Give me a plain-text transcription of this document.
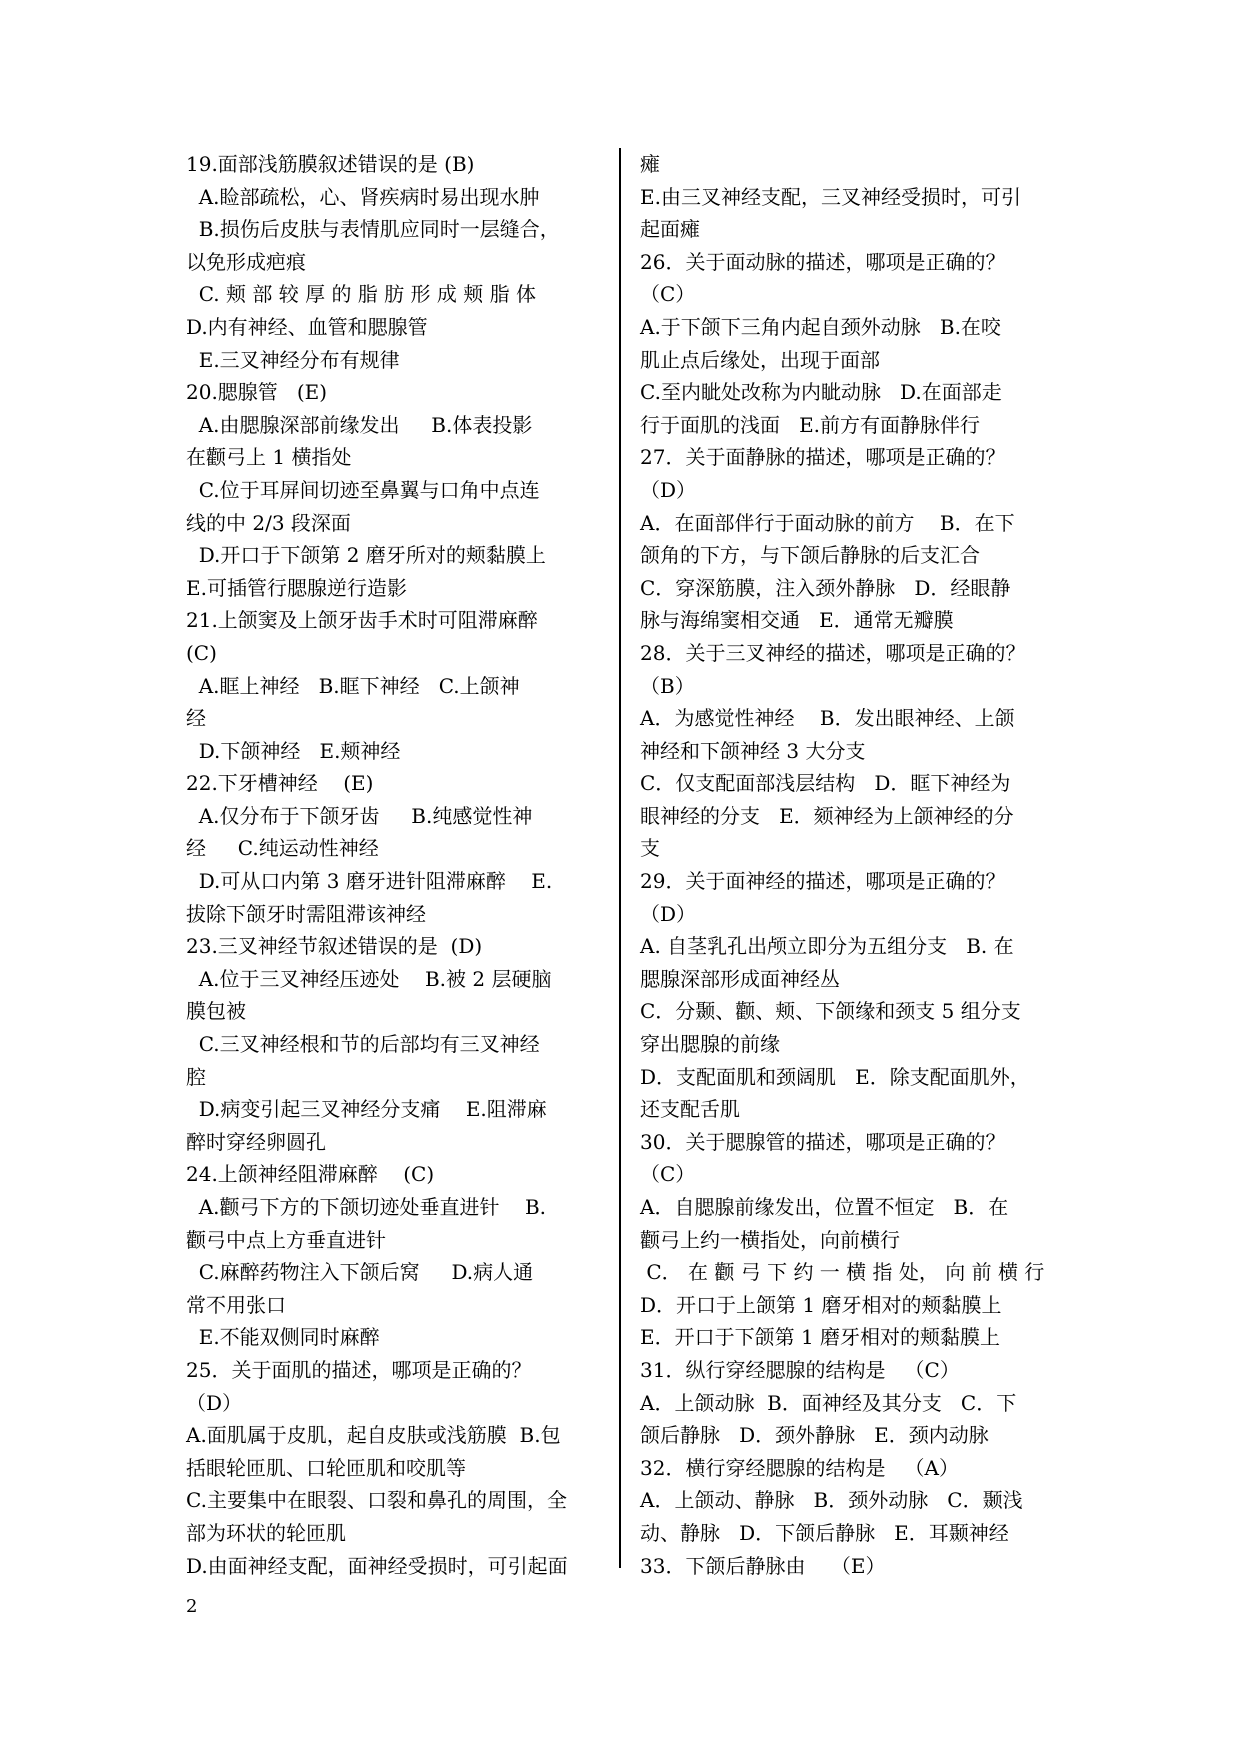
19.面部浅筋膜叙述错误的是 (B)
A.睑部疏松，心、肾疾病时易出现水肿
B.损伤后皮肤与表情肌应同时一层缝合，
以免形成疤痕
C. 颊 部 较 厚 的 脂 肪 形 成 颊 脂 体
D.内有神经、血管和腮腺管
E.三叉神经分布有规律
20.腮腺管   (E)
A.由腮腺深部前缘发出     B.体表投影
在颧弓上 1 横指处
C.位于耳屏间切迹至鼻翼与口角中点连
线的中 2/3 段深面
D.开口于下颌第 2 磨牙所对的颊黏膜上
E.可插管行腮腺逆行造影
21.上颌窦及上颌牙齿手术时可阻滞麻醉
(C)
A.眶上神经   B.眶下神经   C.上颌神
经
D.下颌神经   E.颊神经
22.下牙槽神经    (E)
A.仅分布于下颌牙齿     B.纯感觉性神
经     C.纯运动性神经
D.可从口内第 3 磨牙进针阻滞麻醉    E.
拔除下颌牙时需阻滞该神经
23.三叉神经节叙述错误的是  (D)
A.位于三叉神经压迹处    B.被 2 层硬脑
膜包被
C.三叉神经根和节的后部均有三叉神经
腔
D.病变引起三叉神经分支痛    E.阻滞麻
醉时穿经卵圆孔
24.上颌神经阻滞麻醉    (C)
A.颧弓下方的下颌切迹处垂直进针    B.
颧弓中点上方垂直进针
C.麻醉药物注入下颌后窝     D.病人通
常不用张口
E.不能双侧同时麻醉
25．关于面肌的描述，哪项是正确的？
（D）
A.面肌属于皮肌，起自皮肤或浅筋膜  B.包
括眼轮匝肌、口轮匝肌和咬肌等
C.主要集中在眼裂、口裂和鼻孔的周围，全
部为环状的轮匝肌
D.由面神经支配，面神经受损时，可引起面
瘫
E.由三叉神经支配，三叉神经受损时，可引
起面瘫
26．关于面动脉的描述，哪项是正确的？
（C）
A.于下颌下三角内起自颈外动脉   B.在咬
肌止点后缘处，出现于面部
C.至内眦处改称为内眦动脉   D.在面部走
行于面肌的浅面   E.前方有面静脉伴行
27．关于面静脉的描述，哪项是正确的？
（D）
A．在面部伴行于面动脉的前方    B．在下
颌角的下方，与下颌后静脉的后支汇合
C．穿深筋膜，注入颈外静脉   D．经眼静
脉与海绵窦相交通   E．通常无瓣膜
28．关于三叉神经的描述，哪项是正确的？
（B）
A．为感觉性神经    B．发出眼神经、上颌
神经和下颌神经 3 大分支
C．仅支配面部浅层结构   D．眶下神经为
眼神经的分支   E．颏神经为上颌神经的分
支
29．关于面神经的描述，哪项是正确的？
（D）
A. 自茎乳孔出颅立即分为五组分支   B. 在
腮腺深部形成面神经丛
C．分颞、颧、颊、下颌缘和颈支 5 组分支
穿出腮腺的前缘
D．支配面肌和颈阔肌   E．除支配面肌外，
还支配舌肌
30．关于腮腺管的描述，哪项是正确的？
（C）
A．自腮腺前缘发出，位置不恒定   B．在
颧弓上约一横指处，向前横行
C． 在 颧 弓 下 约 一 横 指 处， 向 前 横 行
D．开口于上颌第 1 磨牙相对的颊黏膜上
E．开口于下颌第 1 磨牙相对的颊黏膜上
31．纵行穿经腮腺的结构是   （C）
A．上颌动脉  B．面神经及其分支   C．下
颌后静脉   D．颈外静脉   E．颈内动脉
32．横行穿经腮腺的结构是   （A）
A．上颌动、静脉   B．颈外动脉   C．颞浅
动、静脉   D．下颌后静脉   E．耳颞神经
33．下颌后静脉由    （E）
2
